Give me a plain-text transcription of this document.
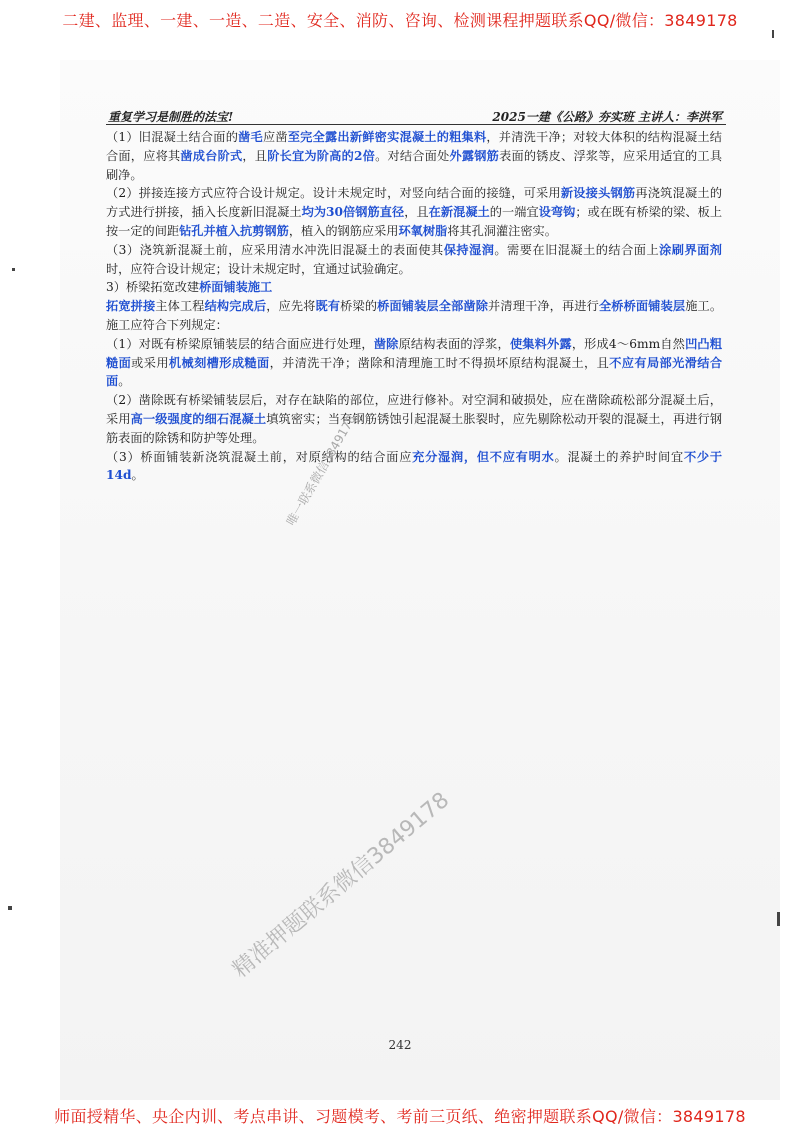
二建、监理、一建、一造、二造、安全、消防、咨询、检测课程押题联系QQ/微信：3849178
重复学习是制胜的法宝!	2025一建《公路》夯实班 主讲人：李洪军

（1）旧混凝土结合面的凿毛应凿至完全露出新鲜密实混凝土的粗集料，并清洗干净；对较大体积的结构混凝土结合面，应将其凿成台阶式，且阶长宜为阶高的2倍。对结合面处外露钢筋表面的锈皮、浮浆等，应采用适宜的工具刷净。

（2）拼接连接方式应符合设计规定。设计未规定时，对竖向结合面的接缝，可采用新设接头钢筋再浇筑混凝土的方式进行拼接，插入长度新旧混凝土均为30倍钢筋直径，且在新混凝土的一端宜设弯钩；或在既有桥梁的梁、板上按一定的间距钻孔并植入抗剪钢筋，植入的钢筋应采用环氧树脂将其孔洞灌注密实。

（3）浇筑新混凝土前，应采用清水冲洗旧混凝土的表面使其保持湿润。需要在旧混凝土的结合面上涂刷界面剂时，应符合设计规定；设计未规定时，宜通过试验确定。

3）桥梁拓宽改建桥面铺装施工

拓宽拼接主体工程结构完成后，应先将既有桥梁的桥面铺装层全部凿除并清理干净，再进行全桥桥面铺装层施工。施工应符合下列规定：

（1）对既有桥梁原铺装层的结合面应进行处理，凿除原结构表面的浮浆，使集料外露，形成4～6mm自然凹凸粗糙面或采用机械刻槽形成糙面，并清洗干净；凿除和清理施工时不得损坏原结构混凝土，且不应有局部光滑结合面。

（2）凿除既有桥梁铺装层后，对存在缺陷的部位，应进行修补。对空洞和破损处，应在凿除疏松部分混凝土后，采用高一级强度的细石混凝土填筑密实；当有钢筋锈蚀引起混凝土胀裂时，应先剔除松动开裂的混凝土，再进行钢筋表面的除锈和防护等处理。

（3）桥面铺装新浇筑混凝土前，对原结构的结合面应充分湿润，但不应有明水。混凝土的养护时间宜不少于14d。	唯一联系微信3849178
精准押题联系微信3849178
242
师面授精华、央企内训、考点串讲、习题模考、考前三页纸、绝密押题联系QQ/微信：3849178
